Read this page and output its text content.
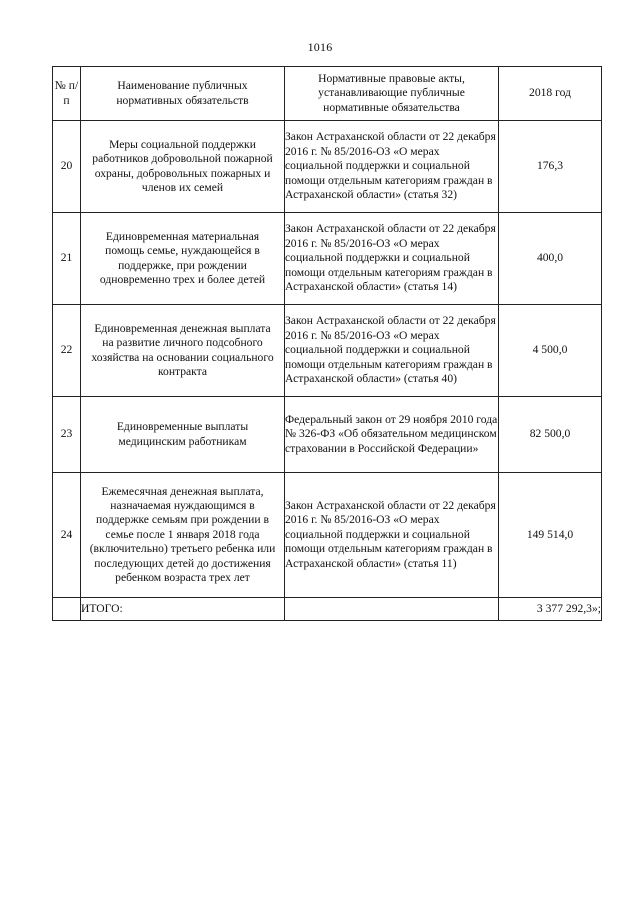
1016
№ п/п	Наименование публичных нормативных обязательств	Нормативные правовые акты, устанавливающие публичные нормативные обязательства	2018 год

20	Меры социальной поддержки работников добровольной пожарной охраны, добровольных пожарных и членов их семей	Закон Астраханской области от 22 декабря 2016 г. № 85/2016-ОЗ «О мерах социальной поддержки и социальной помощи отдельным категориям граждан в Астраханской области» (статья 32)	176,3
21	Единовременная материальная помощь семье, нуждающейся в поддержке, при рождении одновременно трех и более детей	Закон Астраханской области от 22 декабря 2016 г. № 85/2016-ОЗ «О мерах социальной поддержки и социальной помощи отдельным категориям граждан в Астраханской области» (статья 14)	400,0
22	Единовременная денежная выплата на развитие личного подсобного хозяйства на основании социального контракта	Закон Астраханской области от 22 декабря 2016 г. № 85/2016-ОЗ «О мерах социальной поддержки и социальной помощи отдельным категориям граждан в Астраханской области» (статья 40)	4 500,0
23	Единовременные выплаты медицинским работникам	Федеральный закон от 29 ноября 2010 года № 326-ФЗ «Об обязательном медицинском страховании в Российской Федерации»	82 500,0
24	Ежемесячная денежная выплата, назначаемая нуждающимся в поддержке семьям при рождении в семье после 1 января 2018 года (включительно) третьего ребенка или последующих детей до достижения ребенком возраста трех лет	Закон Астраханской области от 22 декабря 2016 г. № 85/2016-ОЗ «О мерах социальной поддержки и социальной помощи отдельным категориям граждан в Астраханской области» (статья 11)	149 514,0
	ИТОГО:		3 377 292,3»;
